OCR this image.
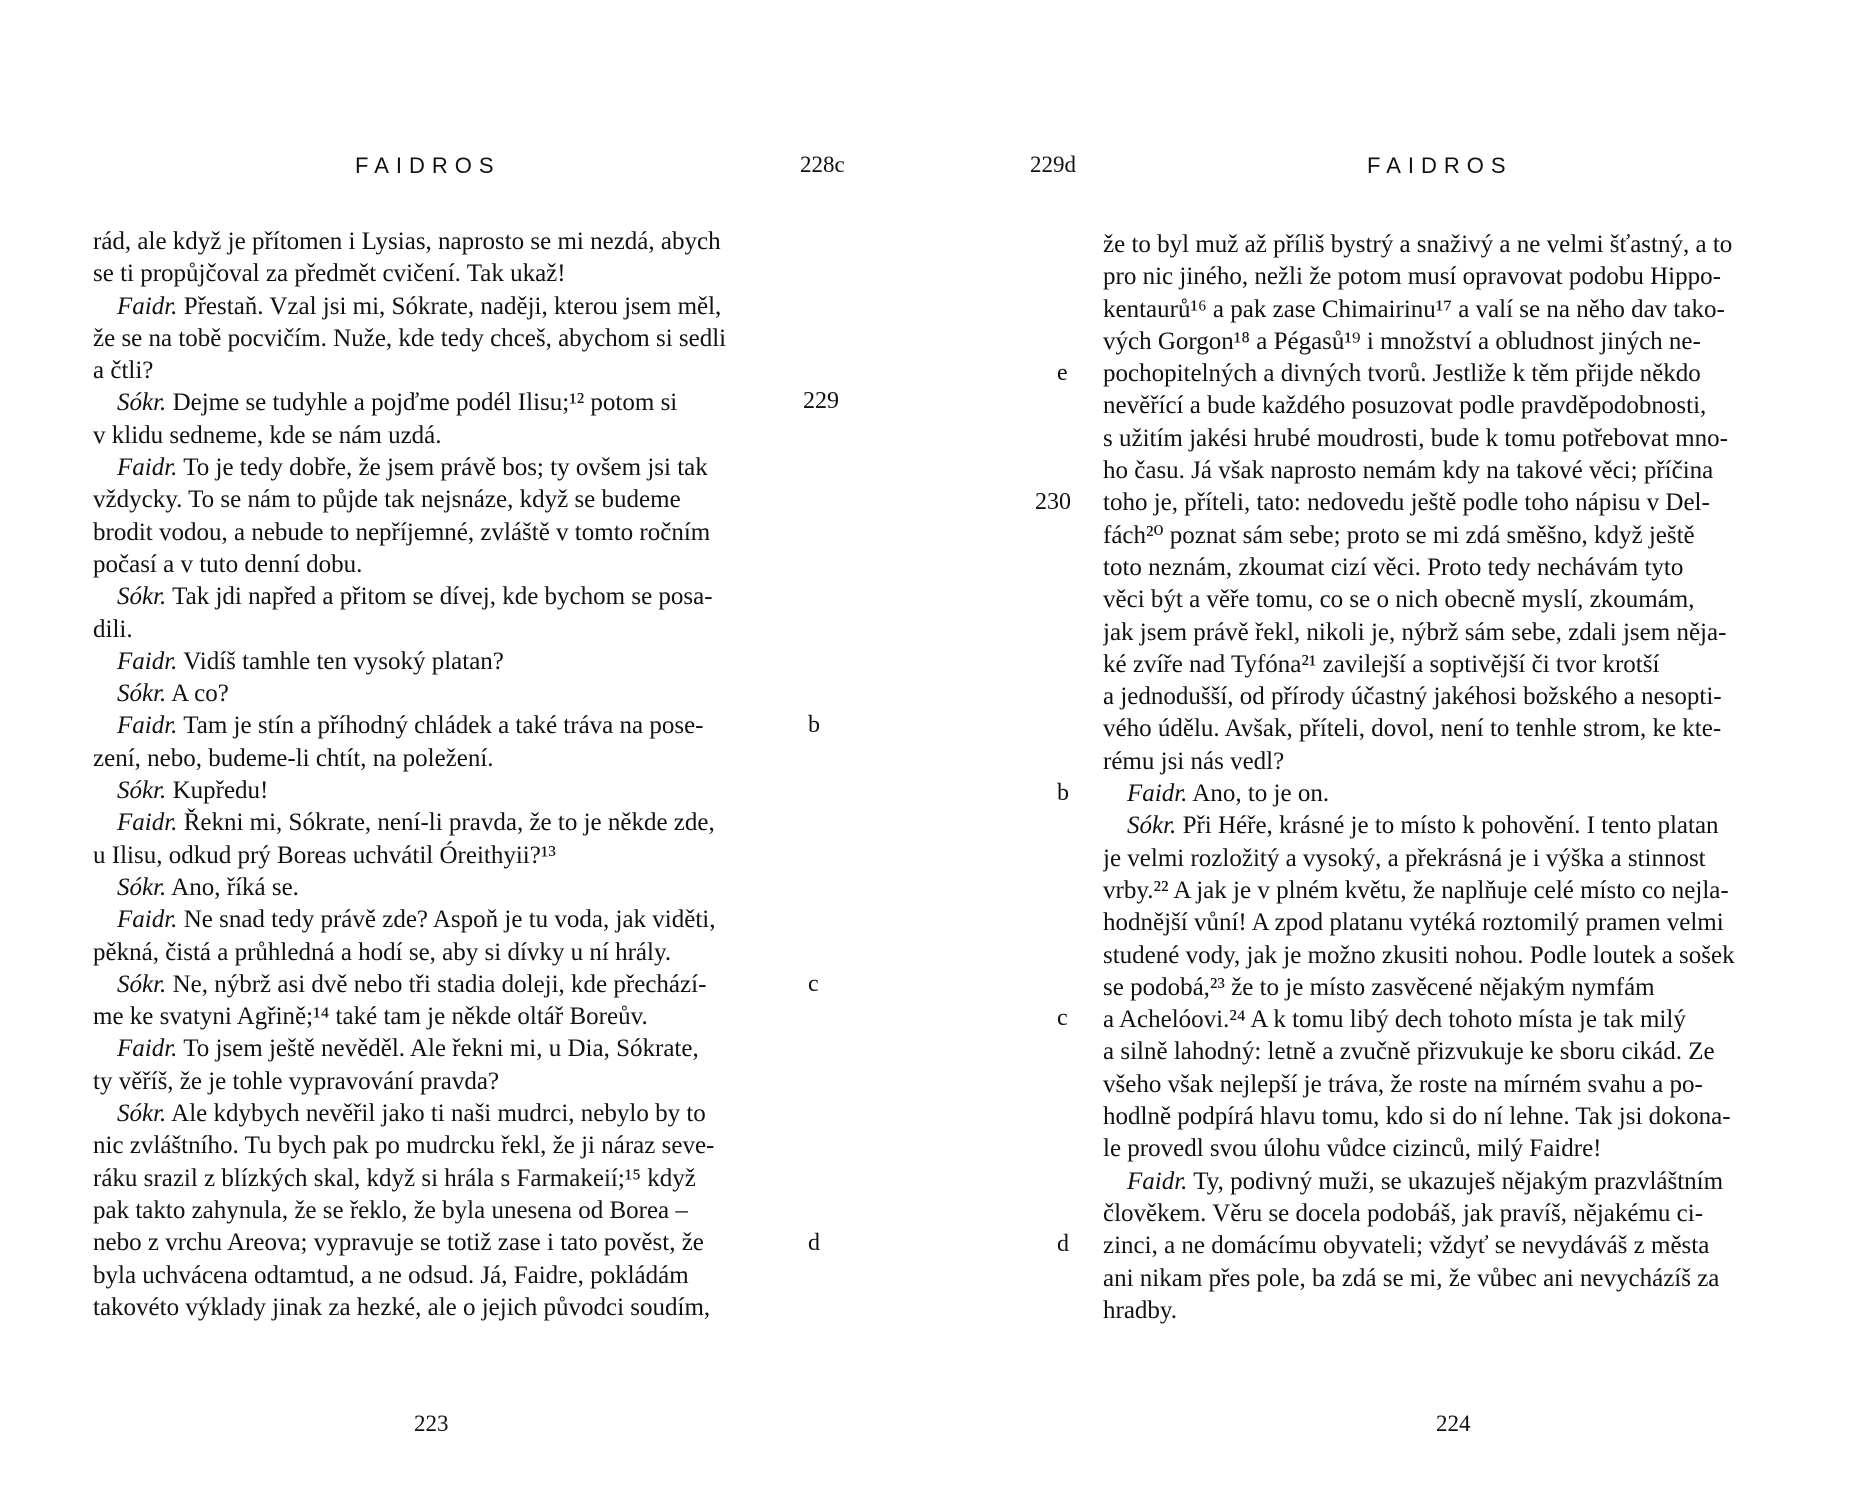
FAIDROS	228c
rád, ale když je přítomen i Lysias, naprosto se mi nezdá, abych
se ti propůjčoval za předmět cvičení. Tak ukaž!
Faidr. Přestaň. Vzal jsi mi, Sókrate, naději, kterou jsem měl,
že se na tobě pocvičím. Nuže, kde tedy chceš, abychom si sedli
a čtli?
Sókr. Dejme se tudyhle a pojďme podél Ilisu;¹² potom si
v klidu sedneme, kde se nám uzdá.
Faidr. To je tedy dobře, že jsem právě bos; ty ovšem jsi tak
vždycky. To se nám to půjde tak nejsnáze, když se budeme
brodit vodou, a nebude to nepříjemné, zvláště v tomto ročním
počasí a v tuto denní dobu.
Sókr. Tak jdi napřed a přitom se dívej, kde bychom se posa-
dili.
Faidr. Vidíš tamhle ten vysoký platan?
Sókr. A co?
Faidr. Tam je stín a příhodný chládek a také tráva na pose-
zení, nebo, budeme-li chtít, na poležení.
Sókr. Kupředu!
Faidr. Řekni mi, Sókrate, není-li pravda, že to je někde zde,
u Ilisu, odkud prý Boreas uchvátil Óreithyii?¹³
Sókr. Ano, říká se.
Faidr. Ne snad tedy právě zde? Aspoň je tu voda, jak viděti,
pěkná, čistá a průhledná a hodí se, aby si dívky u ní hrály.
Sókr. Ne, nýbrž asi dvě nebo tři stadia doleji, kde přechází-
me ke svatyni Agřině;¹⁴ také tam je někde oltář Boreův.
Faidr. To jsem ještě nevěděl. Ale řekni mi, u Dia, Sókrate,
ty věříš, že je tohle vypravování pravda?
Sókr. Ale kdybych nevěřil jako ti naši mudrci, nebylo by to
nic zvláštního. Tu bych pak po mudrcku řekl, že ji náraz seve-
ráku srazil z blízkých skal, když si hrála s Farmakeií;¹⁵ když
pak takto zahynula, že se řeklo, že byla unesena od Borea –
nebo z vrchu Areova; vypravuje se totiž zase i tato pověst, že
byla uchvácena odtamtud, a ne odsud. Já, Faidre, pokládám
takovéto výklady jinak za hezké, ale o jejich původci soudím,
229
b
c
d
223
229d	FAIDROS
že to byl muž až příliš bystrý a snaživý a ne velmi šťastný, a to
pro nic jiného, nežli že potom musí opravovat podobu Hippo-
kentaurů¹⁶ a pak zase Chimairinu¹⁷ a valí se na něho dav tako-
vých Gorgon¹⁸ a Pégasů¹⁹ i množství a obludnost jiných ne-
pochopitelných a divných tvorů. Jestliže k těm přijde někdo
nevěřící a bude každého posuzovat podle pravděpodobnosti,
s užitím jakési hrubé moudrosti, bude k tomu potřebovat mno-
ho času. Já však naprosto nemám kdy na takové věci; příčina
toho je, příteli, tato: nedovedu ještě podle toho nápisu v Del-
fách²⁰ poznat sám sebe; proto se mi zdá směšno, když ještě
toto neznám, zkoumat cizí věci. Proto tedy nechávám tyto
věci být a věře tomu, co se o nich obecně myslí, zkoumám,
jak jsem právě řekl, nikoli je, nýbrž sám sebe, zdali jsem něja-
ké zvíře nad Tyfóna²¹ zavilejší a soptivější či tvor krotší
a jednodušší, od přírody účastný jakéhosi božského a nesopti-
vého údělu. Avšak, příteli, dovol, není to tenhle strom, ke kte-
rému jsi nás vedl?
Faidr. Ano, to je on.
Sókr. Při Héře, krásné je to místo k pohovění. I tento platan
je velmi rozložitý a vysoký, a překrásná je i výška a stinnost
vrby.²² A jak je v plném květu, že naplňuje celé místo co nejla-
hodnější vůní! A zpod platanu vytéká roztomilý pramen velmi
studené vody, jak je možno zkusiti nohou. Podle loutek a sošek
se podobá,²³ že to je místo zasvěcené nějakým nymfám
a Achelóovi.²⁴ A k tomu libý dech tohoto místa je tak milý
a silně lahodný: letně a zvučně přizvukuje ke sboru cikád. Ze
všeho však nejlepší je tráva, že roste na mírném svahu a po-
hodlně podpírá hlavu tomu, kdo si do ní lehne. Tak jsi dokona-
le provedl svou úlohu vůdce cizinců, milý Faidre!
Faidr. Ty, podivný muži, se ukazuješ nějakým prazvláštním
člověkem. Věru se docela podobáš, jak pravíš, nějakému ci-
zinci, a ne domácímu obyvateli; vždyť se nevydáváš z města
ani nikam přes pole, ba zdá se mi, že vůbec ani nevycházíš za
hradby.
e
230
b
c
d
224
